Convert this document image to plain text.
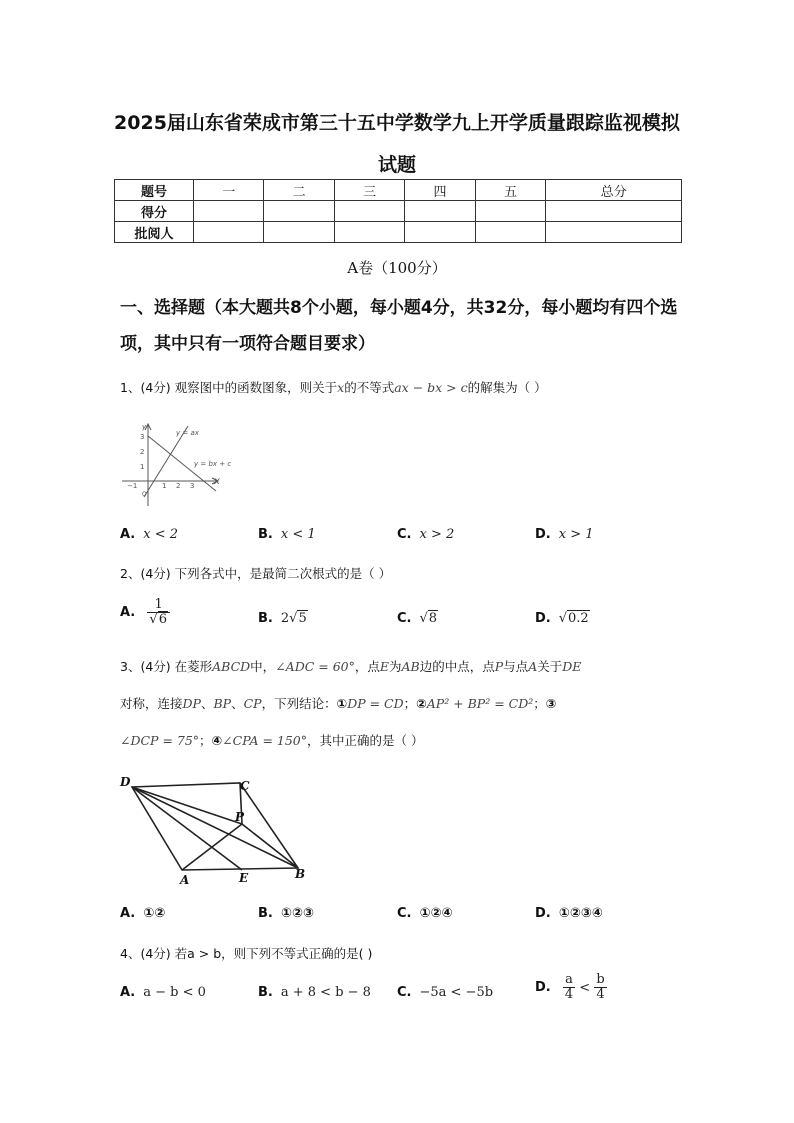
2025届山东省荣成市第三十五中学数学九上开学质量跟踪监视模拟
试题
题号	一	二	三	四	五	总分
得分						
批阅人						
A卷（100分）
一、选择题（本大题共8个小题，每小题4分，共32分，每小题均有四个选项，其中只有一项符合题目要求）
1、(4分) 观察图中的函数图象，则关于x的不等式ax − bx > c的解集为（ ）
y
x
y = ax
y = bx + c
3
2
1
−1	1 2 3
O
A. x < 2	B. x < 1	C. x > 2	D. x > 1
2、(4分) 下列各式中，是最简二次根式的是（ ）
A. $\frac{1}{√6}$	B. 2√5	C. √8	D. √0.2
3、(4分) 在菱形ABCD中，∠ADC = 60°，点E为AB边的中点，点P与点A关于DE
对称，连接DP、BP、CP，下列结论：①DP = CD；②AP² + BP² = CD²；③
∠DCP = 75°；④∠CPA = 150°，其中正确的是（ ）
D	C
P
A	E	B
A. ①②	B. ①②③	C. ①②④	D. ①②③④
4、(4分) 若a > b，则下列不等式正确的是( )
A. a − b < 0	B. a + 8 < b − 8 C. −5a < −5b	D. $\frac{a}{4} < \frac{b}{4}$
